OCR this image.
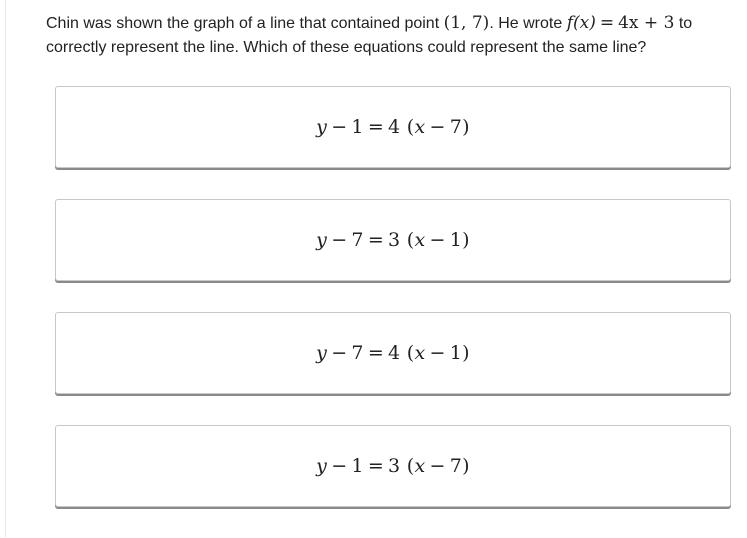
Chin was shown the graph of a line that contained point (1, 7). He wrote f(x) = 4x + 3 to correctly represent the line. Which of these equations could represent the same line?
y − 1 = 4 (x − 7)
y − 7 = 3 (x − 1)
y − 7 = 4 (x − 1)
y − 1 = 3 (x − 7)
